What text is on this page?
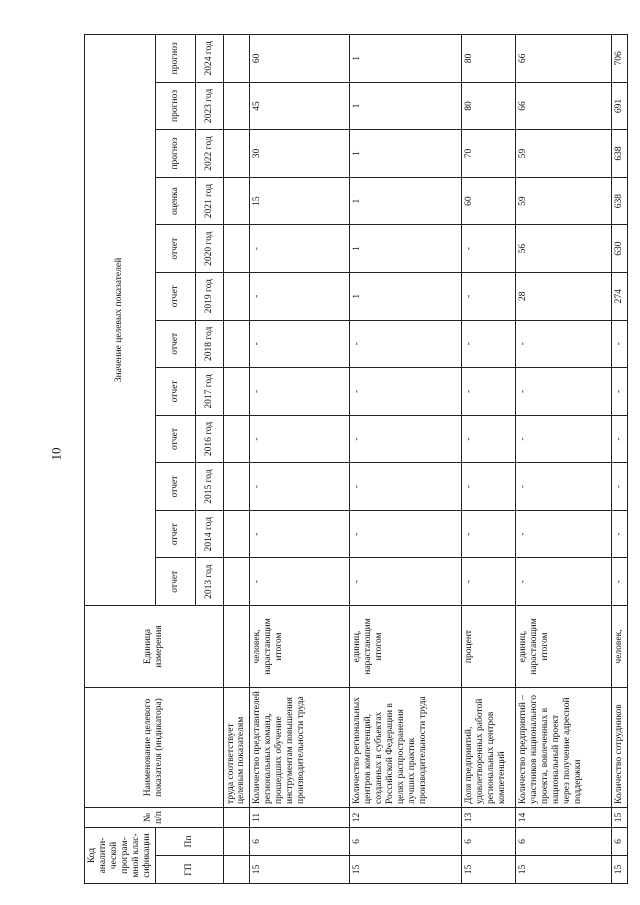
10
Код аналити-ческой програм-мной клас-сификации		№ п/п	Наименование целевого показателя (индикатора)	Единица измерения	Значение целевых показателей											
ГП	Пп				отчет	отчет	отчет	отчет	отчет	отчет	отчет	отчет	оценка	прогноз	прогноз	прогноз
					2013 год	2014 год	2015 год	2016 год	2017 год	2018 год	2019 год	2020 год	2021 год	2022 год	2023 год	2024 год
			труда соответствует целевым показателям													
15	6	11	Количество представителей региональных команд, прошедших обучение инструментам повышения производительности труда	человек, нарастающим итогом	-	-	-	-	-	-	-	-	15	30	45	60
15	6	12	Количество региональных центров компетенций, созданных в субъектах Российской Федерации в целях распространения лучших практик производительности труда	единиц, нарастающим итогом	-	-	-	-	-	-	1	1	1	1	1	1
15	6	13	Доля предприятий, удовлетворенных работой региональных центров компетенций	процент	-	-	-	-	-	-	-	-	60	70	80	80
15	6	14	Количество предприятий – участников национального проекта, вовлеченных в национальный проект через получение адресной поддержки	единиц, нарастающим итогом	-	-	-	-	-	-	28	56	59	59	66	66
15	6	15	Количество сотрудников	человек,	-	-	-	-	-	-	274	630	638	638	691	706
